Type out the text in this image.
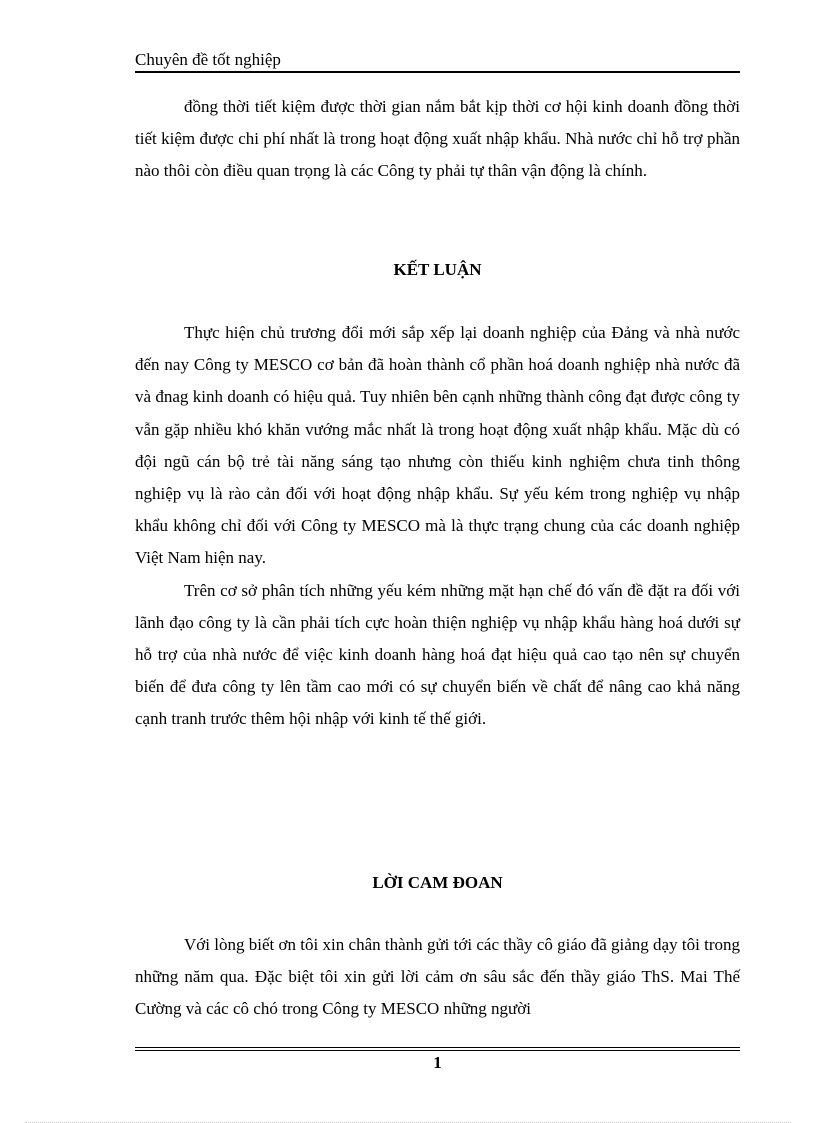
Chuyên đề tốt nghiệp

đồng thời tiết kiệm được thời gian nắm bắt kịp thời cơ hội kinh doanh đồng thời tiết kiệm được chi phí nhất là trong hoạt động xuất nhập khẩu. Nhà nước chỉ hỗ trợ phần nào thôi còn điều quan trọng là các Công ty phải tự thân vận động là chính.

KẾT LUẬN

Thực hiện chủ trương đổi mới sắp xếp lại doanh nghiệp của Đảng và nhà nước đến nay Công ty MESCO cơ bản đã hoàn thành cổ phần hoá doanh nghiệp nhà nước đã và đnag kinh doanh có hiệu quả. Tuy nhiên bên cạnh những thành công đạt được công ty vẫn gặp nhiều khó khăn vướng mắc nhất là trong hoạt động xuất nhập khẩu. Mặc dù có đội ngũ cán bộ trẻ tài năng sáng tạo nhưng còn thiếu kinh nghiệm chưa tinh thông nghiệp vụ là rào cản đối với hoạt động nhập khẩu. Sự yếu kém trong nghiệp vụ nhập khẩu không chỉ đối với Công ty MESCO mà là thực trạng chung của các doanh nghiệp Việt Nam hiện nay.

Trên cơ sở phân tích những yếu kém những mặt hạn chế đó vấn đề đặt ra đối với lãnh đạo công ty là cần phải tích cực hoàn thiện nghiệp vụ nhập khẩu hàng hoá dưới sự hỗ trợ của nhà nước để việc kinh doanh hàng hoá đạt hiệu quả cao tạo nên sự chuyển biến để đưa công ty lên tầm cao mới có sự chuyển biến về chất để nâng cao khả năng cạnh tranh trước thêm hội nhập với kinh tế thế giới.

LỜI CAM ĐOAN

Với lòng biết ơn tôi xin chân thành gửi tới các thầy cô giáo đã giảng dạy tôi trong những năm qua. Đặc biệt tôi xin gửi lời cảm ơn sâu sắc đến thầy giáo ThS. Mai Thế Cường và các cô chó trong Công ty MESCO những người

1
